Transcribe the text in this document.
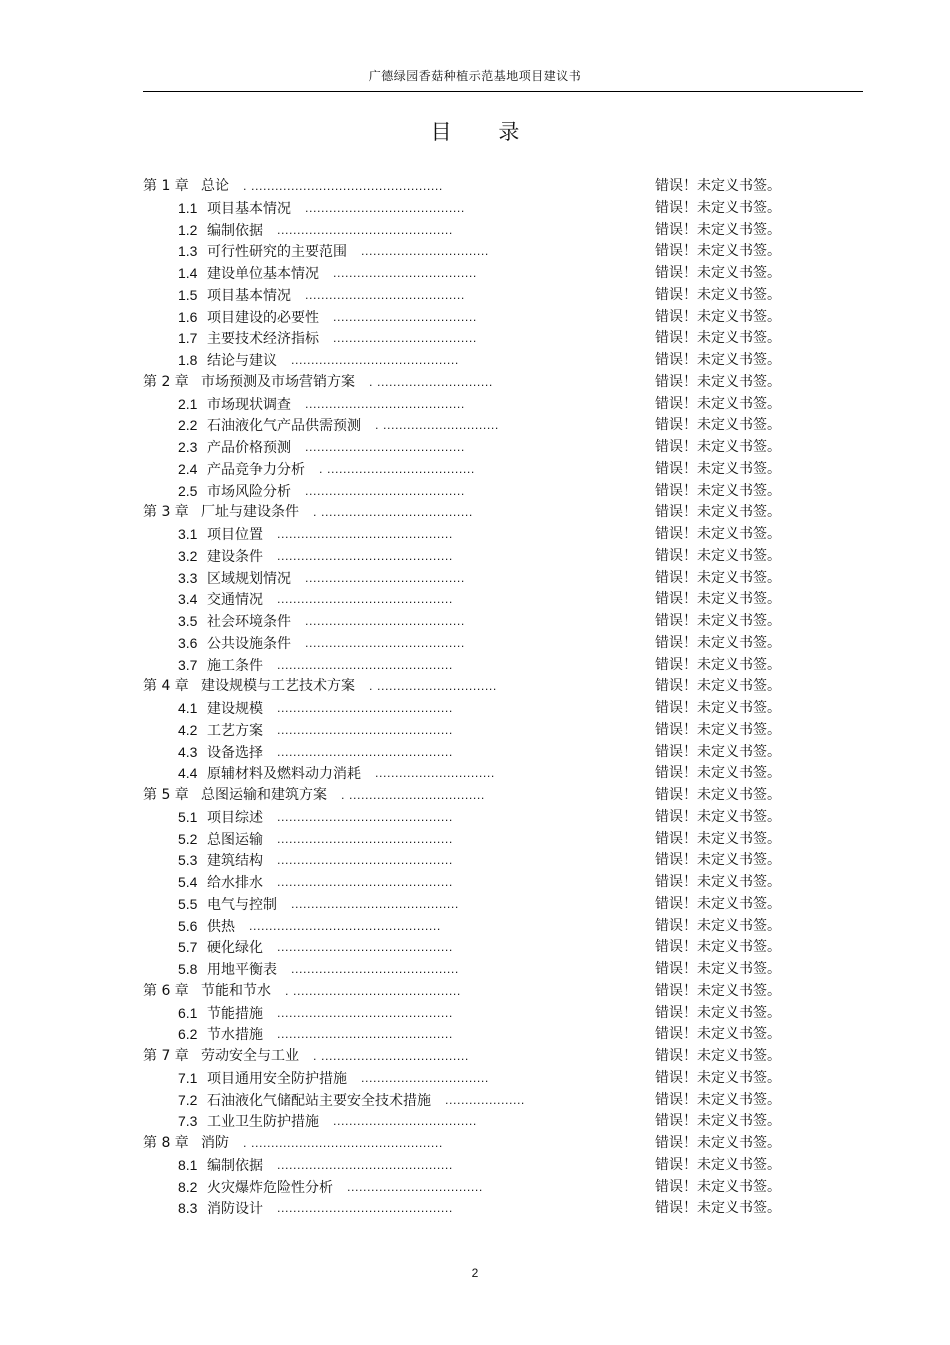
广德绿园香菇种植示范基地项目建议书
目 录
第 1 章 总论 . ................................................	错误！未定义书签。
1.1 项目基本情况 ........................................	错误！未定义书签。
1.2 编制依据 ............................................	错误！未定义书签。
1.3 可行性研究的主要范围 ................................	错误！未定义书签。
1.4 建设单位基本情况 ....................................	错误！未定义书签。
1.5 项目基本情况 ........................................	错误！未定义书签。
1.6 项目建设的必要性 ....................................	错误！未定义书签。
1.7 主要技术经济指标 ....................................	错误！未定义书签。
1.8 结论与建议 ..........................................	错误！未定义书签。
第 2 章 市场预测及市场营销方案 . .............................	错误！未定义书签。
2.1 市场现状调查 ........................................	错误！未定义书签。
2.2 石油液化气产品供需预测 . .............................	错误！未定义书签。
2.3 产品价格预测 ........................................	错误！未定义书签。
2.4 产品竞争力分析 . .....................................	错误！未定义书签。
2.5 市场风险分析 ........................................	错误！未定义书签。
第 3 章 厂址与建设条件 . ......................................	错误！未定义书签。
3.1 项目位置 ............................................	错误！未定义书签。
3.2 建设条件 ............................................	错误！未定义书签。
3.3 区域规划情况 ........................................	错误！未定义书签。
3.4 交通情况 ............................................	错误！未定义书签。
3.5 社会环境条件 ........................................	错误！未定义书签。
3.6 公共设施条件 ........................................	错误！未定义书签。
3.7 施工条件 ............................................	错误！未定义书签。
第 4 章 建设规模与工艺技术方案 . ..............................	错误！未定义书签。
4.1 建设规模 ............................................	错误！未定义书签。
4.2 工艺方案 ............................................	错误！未定义书签。
4.3 设备选择 ............................................	错误！未定义书签。
4.4 原辅材料及燃料动力消耗 ..............................	错误！未定义书签。
第 5 章 总图运输和建筑方案 . ..................................	错误！未定义书签。
5.1 项目综述 ............................................	错误！未定义书签。
5.2 总图运输 ............................................	错误！未定义书签。
5.3 建筑结构 ............................................	错误！未定义书签。
5.4 给水排水 ............................................	错误！未定义书签。
5.5 电气与控制 ..........................................	错误！未定义书签。
5.6 供热 ................................................	错误！未定义书签。
5.7 硬化绿化 ............................................	错误！未定义书签。
5.8 用地平衡表 ..........................................	错误！未定义书签。
第 6 章 节能和节水 . ..........................................	错误！未定义书签。
6.1 节能措施 ............................................	错误！未定义书签。
6.2 节水措施 ............................................	错误！未定义书签。
第 7 章 劳动安全与工业 . .....................................	错误！未定义书签。
7.1 项目通用安全防护措施 ................................	错误！未定义书签。
7.2 石油液化气储配站主要安全技术措施 ....................	错误！未定义书签。
7.3 工业卫生防护措施 ....................................	错误！未定义书签。
第 8 章 消防 . ................................................	错误！未定义书签。
8.1 编制依据 ............................................	错误！未定义书签。
8.2 火灾爆炸危险性分析 ..................................	错误！未定义书签。
8.3 消防设计 ............................................	错误！未定义书签。
2
